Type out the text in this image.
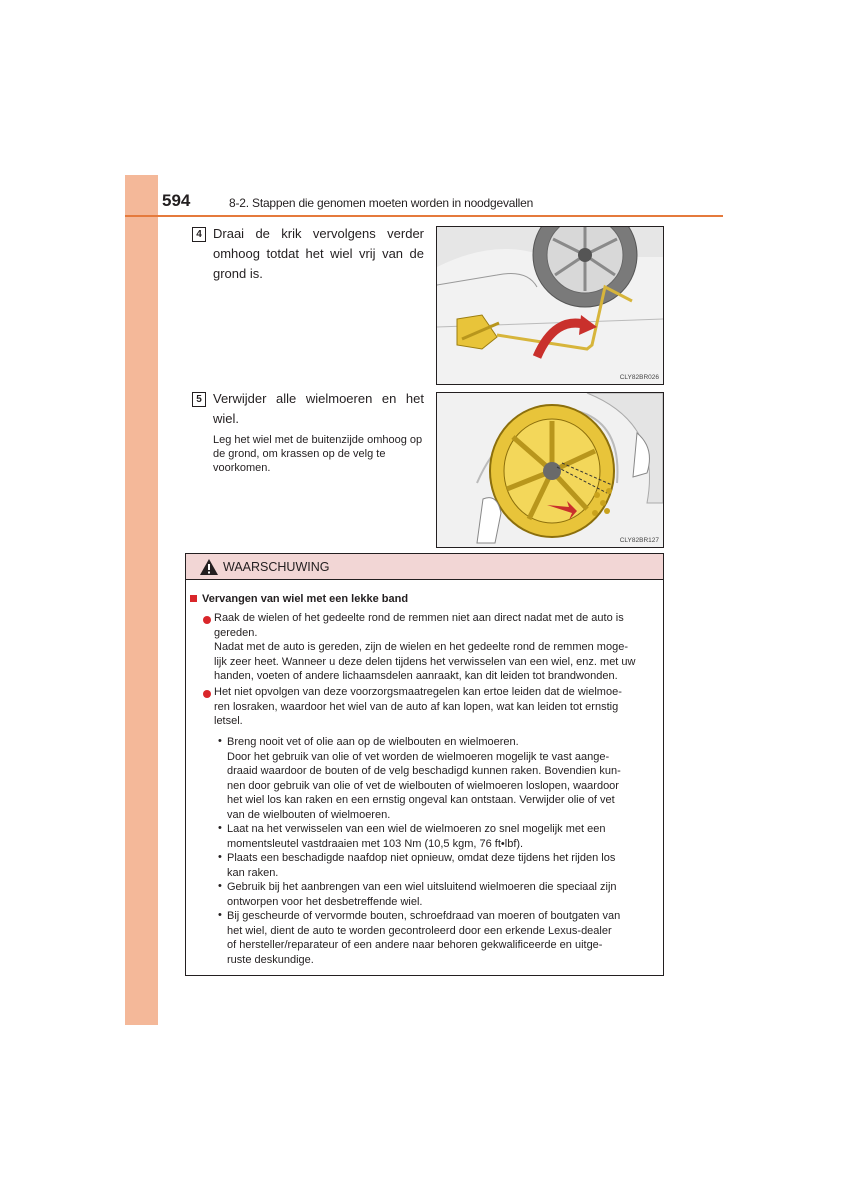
594	8-2. Stappen die genomen moeten worden in noodgevallen
4 Draai de krik vervolgens verder omhoog totdat het wiel vrij van de grond is.
CLY82BR026
5 Verwijder alle wielmoeren en het wiel.
Leg het wiel met de buitenzijde omhoog op de grond, om krassen op de velg te voorkomen.
CLY82BR127
WAARSCHUWING
Vervangen van wiel met een lekke band
Raak de wielen of het gedeelte rond de remmen niet aan direct nadat met de auto is
gereden.
Nadat met de auto is gereden, zijn de wielen en het gedeelte rond de remmen moge-
lijk zeer heet. Wanneer u deze delen tijdens het verwisselen van een wiel, enz. met uw
handen, voeten of andere lichaamsdelen aanraakt, kan dit leiden tot brandwonden.
Het niet opvolgen van deze voorzorgsmaatregelen kan ertoe leiden dat de wielmoe-
ren losraken, waardoor het wiel van de auto af kan lopen, wat kan leiden tot ernstig
letsel.
• Breng nooit vet of olie aan op de wielbouten en wielmoeren.
Door het gebruik van olie of vet worden de wielmoeren mogelijk te vast aange-
draaid waardoor de bouten of de velg beschadigd kunnen raken. Bovendien kun-
nen door gebruik van olie of vet de wielbouten of wielmoeren loslopen, waardoor
het wiel los kan raken en een ernstig ongeval kan ontstaan. Verwijder olie of vet
van de wielbouten of wielmoeren.
• Laat na het verwisselen van een wiel de wielmoeren zo snel mogelijk met een
momentsleutel vastdraaien met 103 Nm (10,5 kgm, 76 ft•lbf).
• Plaats een beschadigde naafdop niet opnieuw, omdat deze tijdens het rijden los
kan raken.
• Gebruik bij het aanbrengen van een wiel uitsluitend wielmoeren die speciaal zijn
ontworpen voor het desbetreffende wiel.
• Bij gescheurde of vervormde bouten, schroefdraad van moeren of boutgaten van
het wiel, dient de auto te worden gecontroleerd door een erkende Lexus-dealer
of hersteller/reparateur of een andere naar behoren gekwalificeerde en uitge-
ruste deskundige.
